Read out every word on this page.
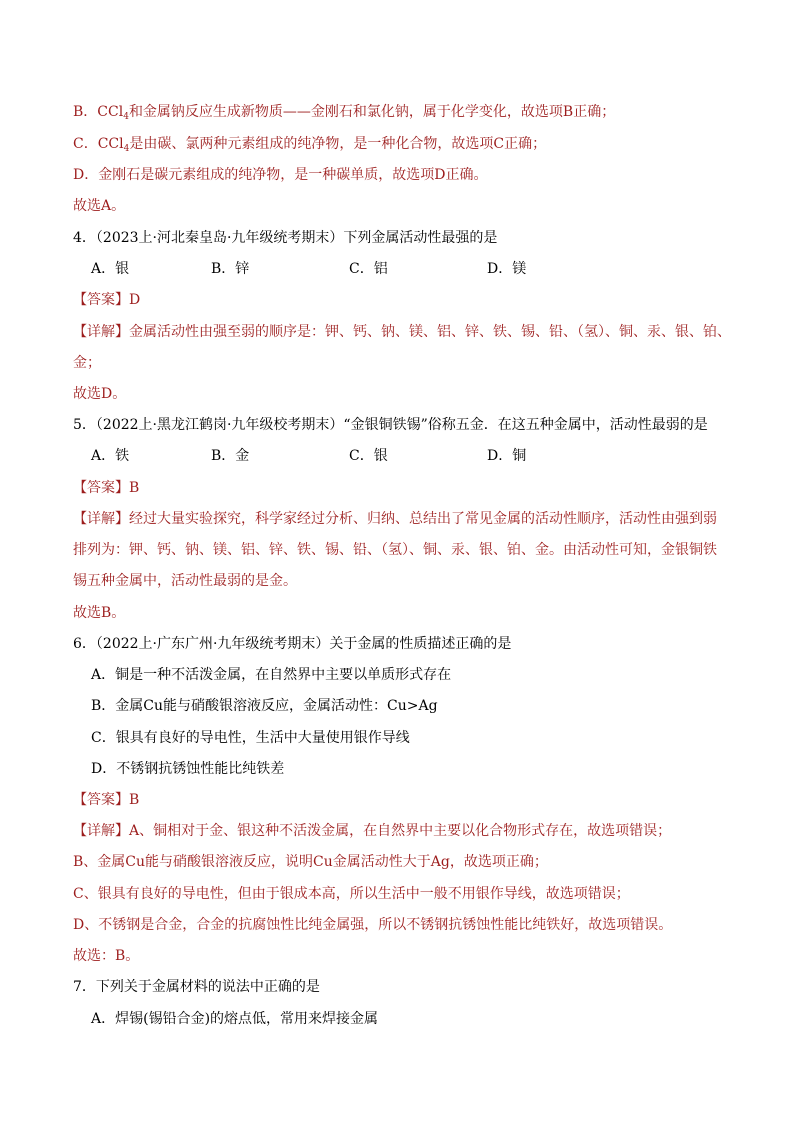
B．CCl$_4$和金属钠反应生成新物质——金刚石和氯化钠，属于化学变化，故选项B正确；
C．CCl$_4$是由碳、氯两种元素组成的纯净物，是一种化合物，故选项C正确；
D．金刚石是碳元素组成的纯净物，是一种碳单质，故选项D正确。
故选A。
4．（2023上·河北秦皇岛·九年级统考期末）下列金属活动性最强的是
A．银	B．锌	C．铝	D．镁
【答案】D
【详解】金属活动性由强至弱的顺序是：钾、钙、钠、镁、铝、锌、铁、锡、铅、（氢）、铜、汞、银、铂、
金；
故选D。
5．（2022上·黑龙江鹤岗·九年级校考期末）“金银铜铁锡”俗称五金．在这五种金属中，活动性最弱的是
A．铁	B．金	C．银	D．铜
【答案】B
【详解】经过大量实验探究，科学家经过分析、归纳、总结出了常见金属的活动性顺序，活动性由强到弱
排列为：钾、钙、钠、镁、铝、锌、铁、锡、铅、（氢）、铜、汞、银、铂、金。由活动性可知，金银铜铁
锡五种金属中，活动性最弱的是金。
故选B。
6．（2022上·广东广州·九年级统考期末）关于金属的性质描述正确的是
A．铜是一种不活泼金属，在自然界中主要以单质形式存在
B．金属Cu能与硝酸银溶液反应，金属活动性：Cu>Ag
C．银具有良好的导电性，生活中大量使用银作导线
D．不锈钢抗锈蚀性能比纯铁差
【答案】B
【详解】A、铜相对于金、银这种不活泼金属，在自然界中主要以化合物形式存在，故选项错误；
B、金属Cu能与硝酸银溶液反应，说明Cu金属活动性大于Ag，故选项正确；
C、银具有良好的导电性，但由于银成本高，所以生活中一般不用银作导线，故选项错误；
D、不锈钢是合金，合金的抗腐蚀性比纯金属强，所以不锈钢抗锈蚀性能比纯铁好，故选项错误。
故选：B。
7．下列关于金属材料的说法中正确的是
A．焊锡(锡铅合金)的熔点低，常用来焊接金属
